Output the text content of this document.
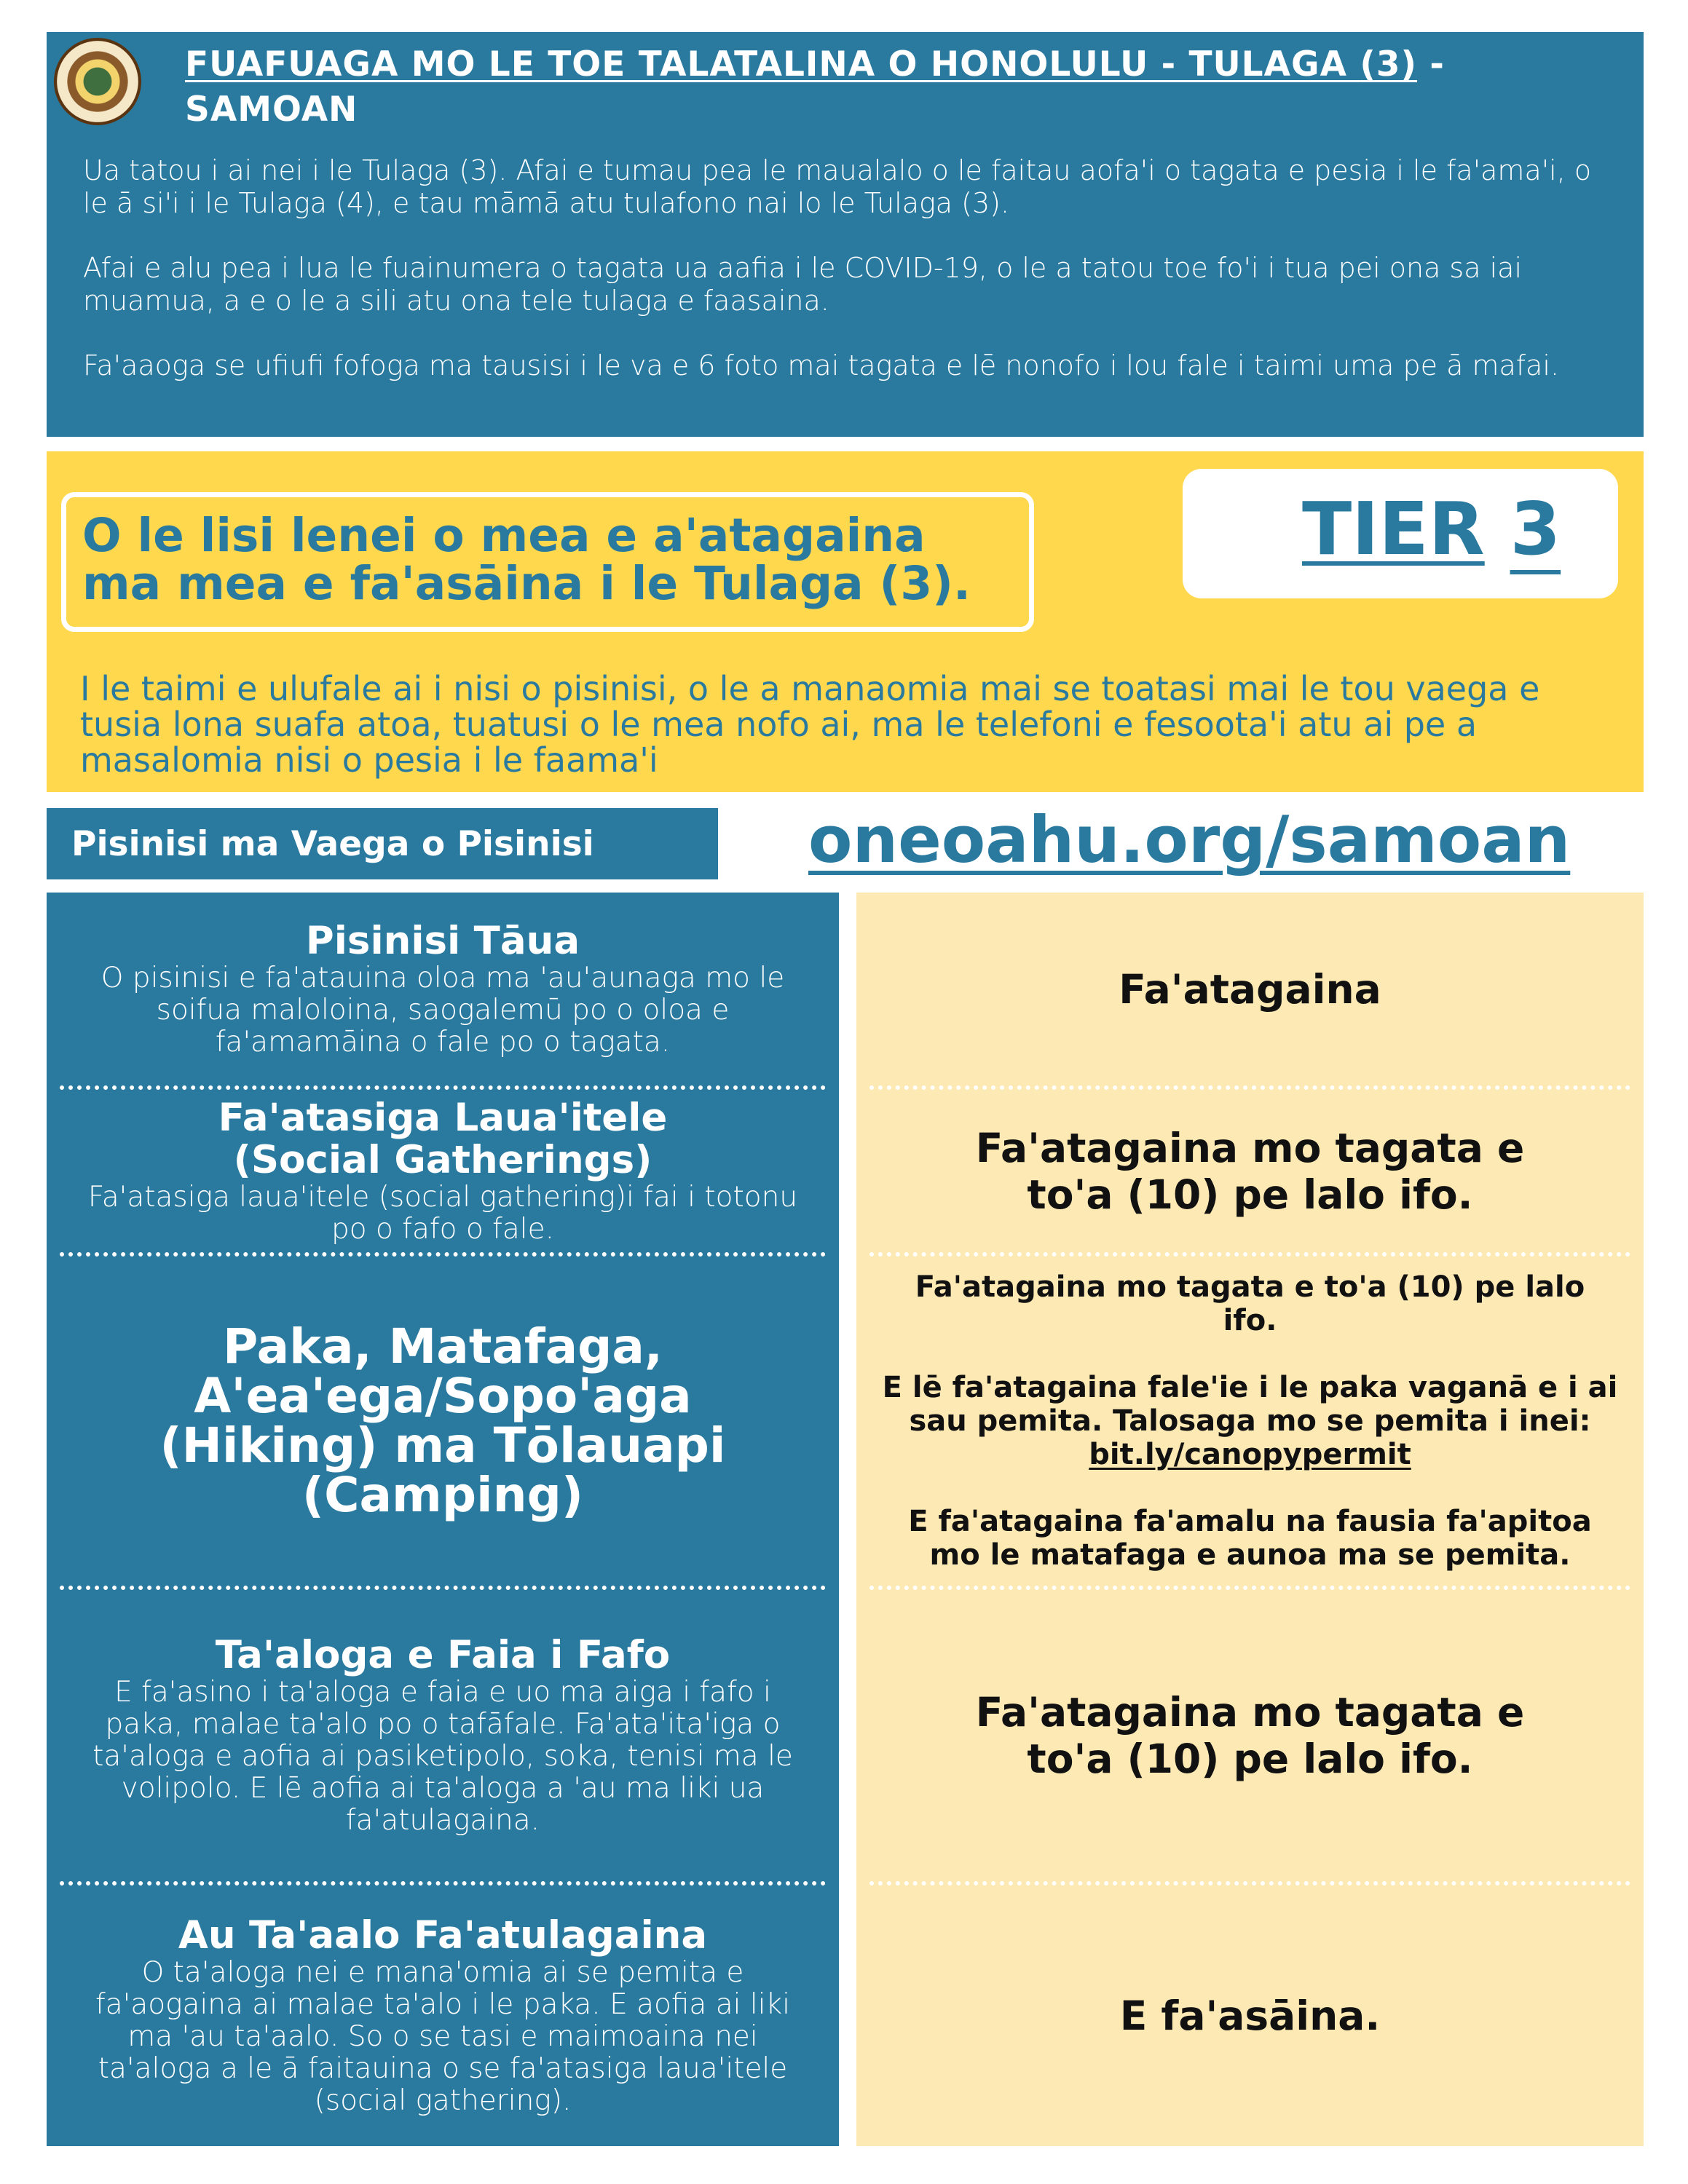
FUAFUAGA MO LE TOE TALATALINA O HONOLULU - TULAGA (3) - SAMOAN

Ua tatou i ai nei i le Tulaga (3). Afai e tumau pea le maualalo o le faitau aofa'i o tagata e pesia i le fa'ama'i, o le ā si'i i le Tulaga (4), e tau māmā atu tulafono nai lo le Tulaga (3).

Afai e alu pea i lua le fuainumera o tagata ua aafia i le COVID-19, o le a tatou toe fo'i i tua pei ona sa iai muamua, a e o le a sili atu ona tele tulaga e faasaina.

Fa'aaoga se ufiufi fofoga ma tausisi i le va e 6 foto mai tagata e lē nonofo i lou fale i taimi uma pe ā mafai.

O le lisi lenei o mea e a'atagaina ma mea e fa'asāina i le Tulaga (3).
TIER 3
I le taimi e ulufale ai i nisi o pisinisi, o le a manaomia mai se toatasi mai le tou vaega e tusia lona suafa atoa, tuatusi o le mea nofo ai, ma le telefoni e fesoota'i atu ai pe a masalomia nisi o pesia i le faama'i
Pisinisi ma Vaega o Pisinisi	oneoahu.org/samoan
Pisinisi Tāua
O pisinisi e fa'atauina oloa ma 'au'aunaga mo le soifua maloloina, saogalemū po o oloa e fa'amamāina o fale po o tagata.
Fa'atasiga Laua'itele (Social Gatherings)
Fa'atasiga laua'itele (social gathering)i fai i totonu po o fafo o fale.
Paka, Matafaga, A'ea'ega/Sopo'aga (Hiking) ma Tōlauapi (Camping)
Ta'aloga e Faia i Fafo
E fa'asino i ta'aloga e faia e uo ma aiga i fafo i paka, malae ta'alo po o tafāfale. Fa'ata'ita'iga o ta'aloga e aofia ai pasiketipolo, soka, tenisi ma le volipolo. E lē aofia ai ta'aloga a 'au ma liki ua fa'atulagaina.
Au Ta'aalo Fa'atulagaina
O ta'aloga nei e mana'omia ai se pemita e fa'aogaina ai malae ta'alo i le paka. E aofia ai liki ma 'au ta'aalo. So o se tasi e maimoaina nei ta'aloga a le ā faitauina o se fa'atasiga laua'itele (social gathering).
Fa'atagaina
Fa'atagaina mo tagata e to'a (10) pe lalo ifo.
Fa'atagaina mo tagata e to'a (10) pe lalo ifo.
E lē fa'atagaina fale'ie i le paka vaganā e i ai sau pemita. Talosaga mo se pemita i inei:
bit.ly/canopypermit
E fa'atagaina fa'amalu na fausia fa'apitoa mo le matafaga e aunoa ma se pemita.
Fa'atagaina mo tagata e to'a (10) pe lalo ifo.
E fa'asāina.
